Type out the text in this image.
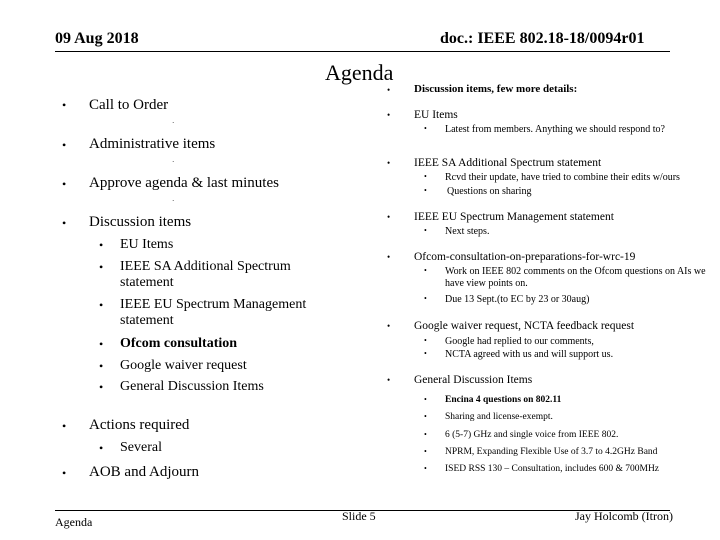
09 Aug 2018	doc.: IEEE 802.18-18/0094r01
Agenda
• Call to Order
·
• Administrative items
·
• Approve agenda & last minutes
·
• Discussion items
• EU Items
• IEEE SA Additional Spectrum statement
• IEEE EU Spectrum Management statement
• Ofcom consultation
• Google waiver request
• General Discussion Items
• Actions required
• Several
• AOB and Adjourn
• Discussion items, few more details:
• EU Items
• Latest from members. Anything we should respond to?
• IEEE SA Additional Spectrum statement
• Rcvd their update, have tried to combine their edits w/ours
• Questions on sharing
• IEEE EU Spectrum Management statement
• Next steps.
• Ofcom-consultation-on-preparations-for-wrc-19
• Work on IEEE 802 comments on the Ofcom questions on AIs we have view points on.
• Due 13 Sept.(to EC by 23 or 30aug)
• Google waiver request, NCTA feedback request
• Google had replied to our comments,
• NCTA agreed with us and will support us.
• General Discussion Items
• Encina 4 questions on 802.11
• Sharing and license-exempt.
• 6 (5-7) GHz and single voice from IEEE 802.
• NPRM, Expanding Flexible Use of 3.7 to 4.2GHz Band
• ISED RSS 130 – Consultation, includes 600 & 700MHz
Agenda	Slide 5	Jay Holcomb (Itron)
